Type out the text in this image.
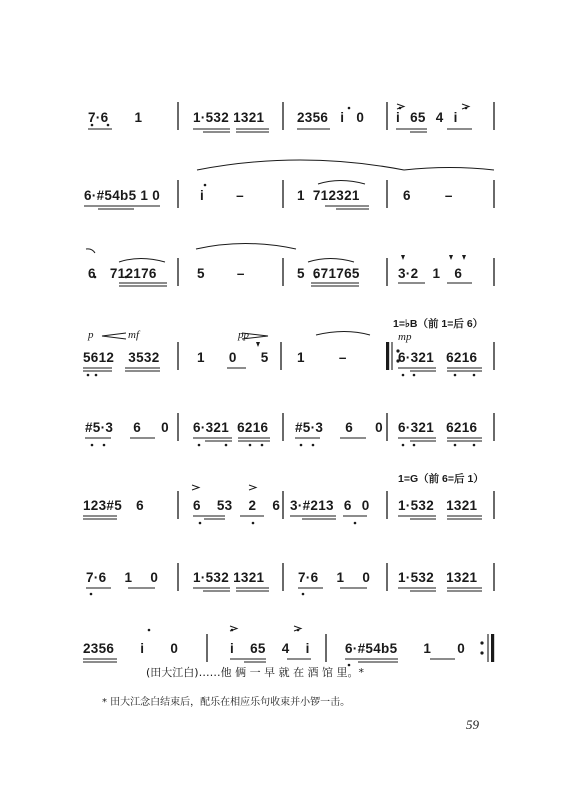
7·6 1	1·532 1321 2356 i 0 i 65 4 i
6·#54b5 1 0	i –	1 712321	6 –
6 712176	5 –	5 671765	3·2 1 6
1=♭B（前 1=后 6）
p	mf	pp	mp
5612 3532	1 0 5 1 –	6·321 6216
#5·3 6 0 6·321 6216 #5·3 6 0 6·321 6216
1=G（前 6=后 1）
123#5 6	6 53 2 6 3·#213 6 0 1·532 1321
7·6 1 0	1·532 1321 7·6 1 0 1·532 1321
2356 i 0	i 65 4 i	6·#54b5 1 0
(田大江白)……他 俩 一 早 就 在 酒 馆 里。*
* 田大江念白结束后，配乐在相应乐句收束并小锣一击。
59
